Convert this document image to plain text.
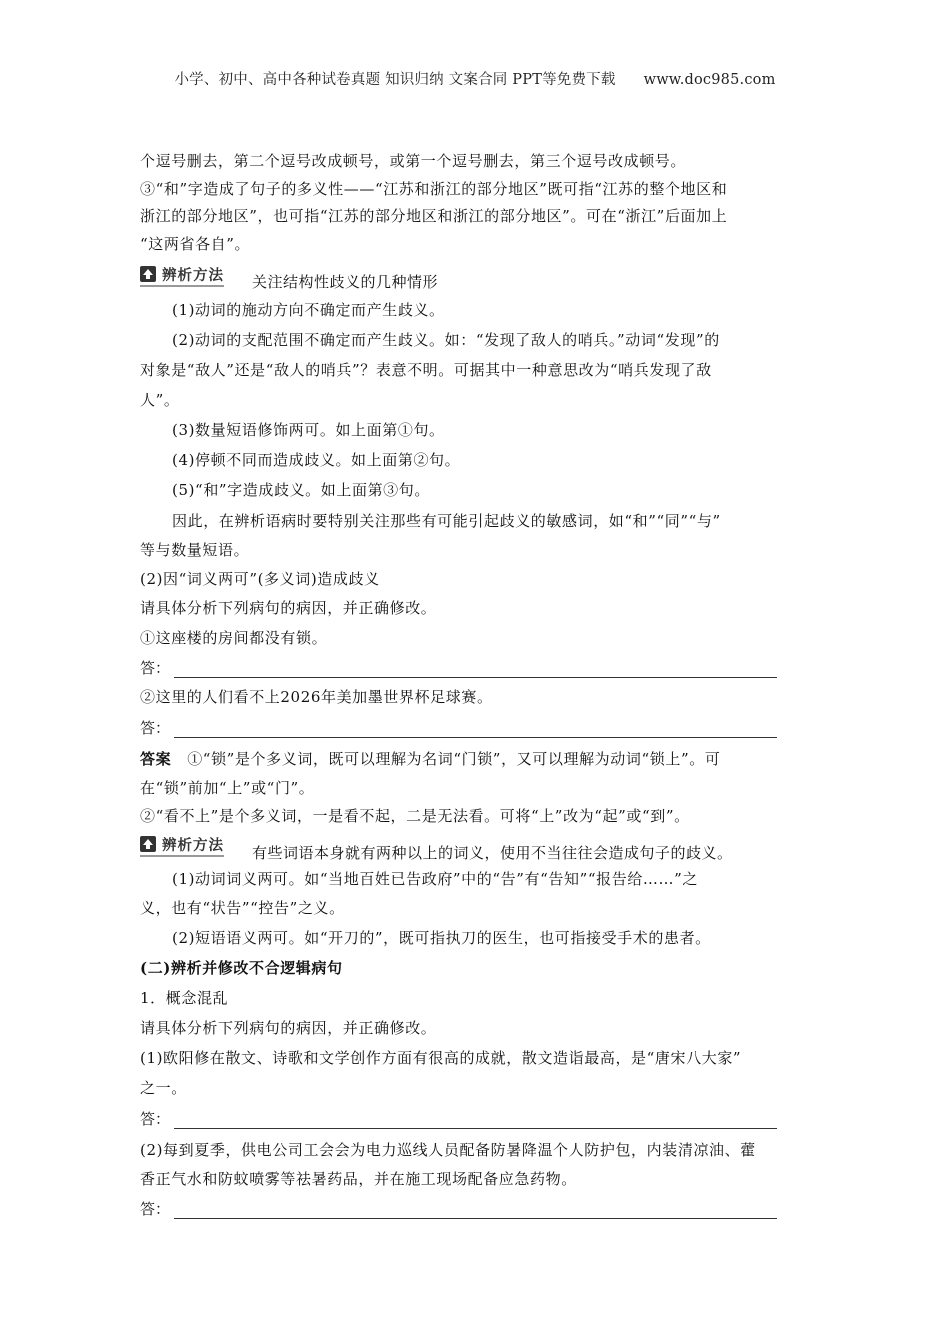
小学、初中、高中各种试卷真题 知识归纳 文案合同 PPT等免费下载 www.doc985.com
个逗号删去，第二个逗号改成顿号，或第一个逗号删去，第三个逗号改成顿号。
③“和”字造成了句子的多义性——“江苏和浙江的部分地区”既可指“江苏的整个地区和
浙江的部分地区”，也可指“江苏的部分地区和浙江的部分地区”。可在“浙江”后面加上
“这两省各自”。
辨析方法 关注结构性歧义的几种情形
(1)动词的施动方向不确定而产生歧义。
(2)动词的支配范围不确定而产生歧义。如：“发现了敌人的哨兵。”动词“发现”的
对象是“敌人”还是“敌人的哨兵”？表意不明。可据其中一种意思改为“哨兵发现了敌
人”。
(3)数量短语修饰两可。如上面第①句。
(4)停顿不同而造成歧义。如上面第②句。
(5)“和”字造成歧义。如上面第③句。
因此，在辨析语病时要特别关注那些有可能引起歧义的敏感词，如“和”“同”“与”
等与数量短语。
(2)因“词义两可”(多义词)造成歧义
请具体分析下列病句的病因，并正确修改。
①这座楼的房间都没有锁。
答：
②这里的人们看不上2026年美加墨世界杯足球赛。
答：
答案 ①“锁”是个多义词，既可以理解为名词“门锁”，又可以理解为动词“锁上”。可
在“锁”前加“上”或“门”。
②“看不上”是个多义词，一是看不起，二是无法看。可将“上”改为“起”或“到”。
辨析方法 有些词语本身就有两种以上的词义，使用不当往往会造成句子的歧义。
(1)动词词义两可。如“当地百姓已告政府”中的“告”有“告知”“报告给……”之
义，也有“状告”“控告”之义。
(2)短语语义两可。如“开刀的”，既可指执刀的医生，也可指接受手术的患者。
(二)辨析并修改不合逻辑病句
1．概念混乱
请具体分析下列病句的病因，并正确修改。
(1)欧阳修在散文、诗歌和文学创作方面有很高的成就，散文造诣最高，是“唐宋八大家”
之一。
答：
(2)每到夏季，供电公司工会会为电力巡线人员配备防暑降温个人防护包，内装清凉油、藿
香正气水和防蚊喷雾等祛暑药品，并在施工现场配备应急药物。
答：
